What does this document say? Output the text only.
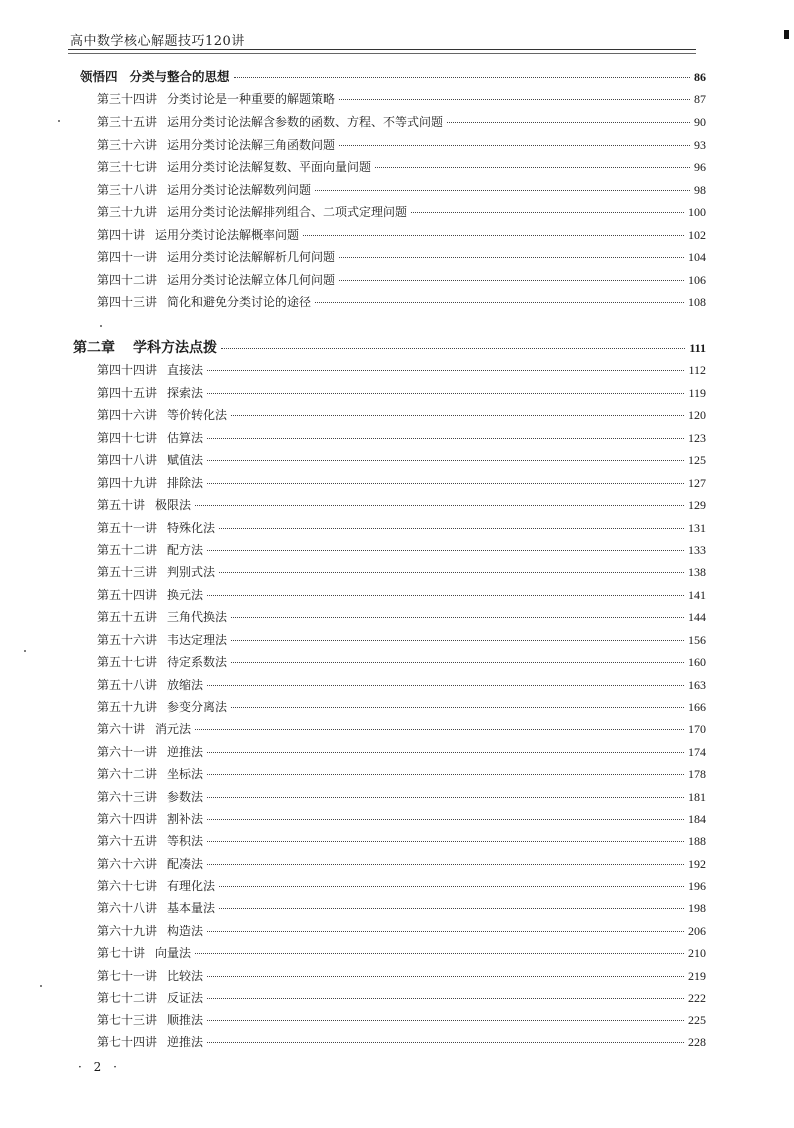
高中数学核心解题技巧120讲
领悟四 分类与整合的思想	86
第三十四讲 分类讨论是一种重要的解题策略	87
第三十五讲 运用分类讨论法解含参数的函数、方程、不等式问题	90
第三十六讲 运用分类讨论法解三角函数问题	93
第三十七讲 运用分类讨论法解复数、平面向量问题	96
第三十八讲 运用分类讨论法解数列问题	98
第三十九讲 运用分类讨论法解排列组合、二项式定理问题	100
第四十讲 运用分类讨论法解概率问题	102
第四十一讲 运用分类讨论法解解析几何问题	104
第四十二讲 运用分类讨论法解立体几何问题	106
第四十三讲 简化和避免分类讨论的途径	108
第二章 学科方法点拨	111
第四十四讲 直接法	112
第四十五讲 探索法	119
第四十六讲 等价转化法	120
第四十七讲 估算法	123
第四十八讲 赋值法	125
第四十九讲 排除法	127
第五十讲 极限法	129
第五十一讲 特殊化法	131
第五十二讲 配方法	133
第五十三讲 判别式法	138
第五十四讲 换元法	141
第五十五讲 三角代换法	144
第五十六讲 韦达定理法	156
第五十七讲 待定系数法	160
第五十八讲 放缩法	163
第五十九讲 参变分离法	166
第六十讲 消元法	170
第六十一讲 逆推法	174
第六十二讲 坐标法	178
第六十三讲 参数法	181
第六十四讲 割补法	184
第六十五讲 等积法	188
第六十六讲 配凑法	192
第六十七讲 有理化法	196
第六十八讲 基本量法	198
第六十九讲 构造法	206
第七十讲 向量法	210
第七十一讲 比较法	219
第七十二讲 反证法	222
第七十三讲 顺推法	225
第七十四讲 逆推法	228
· 2 ·
